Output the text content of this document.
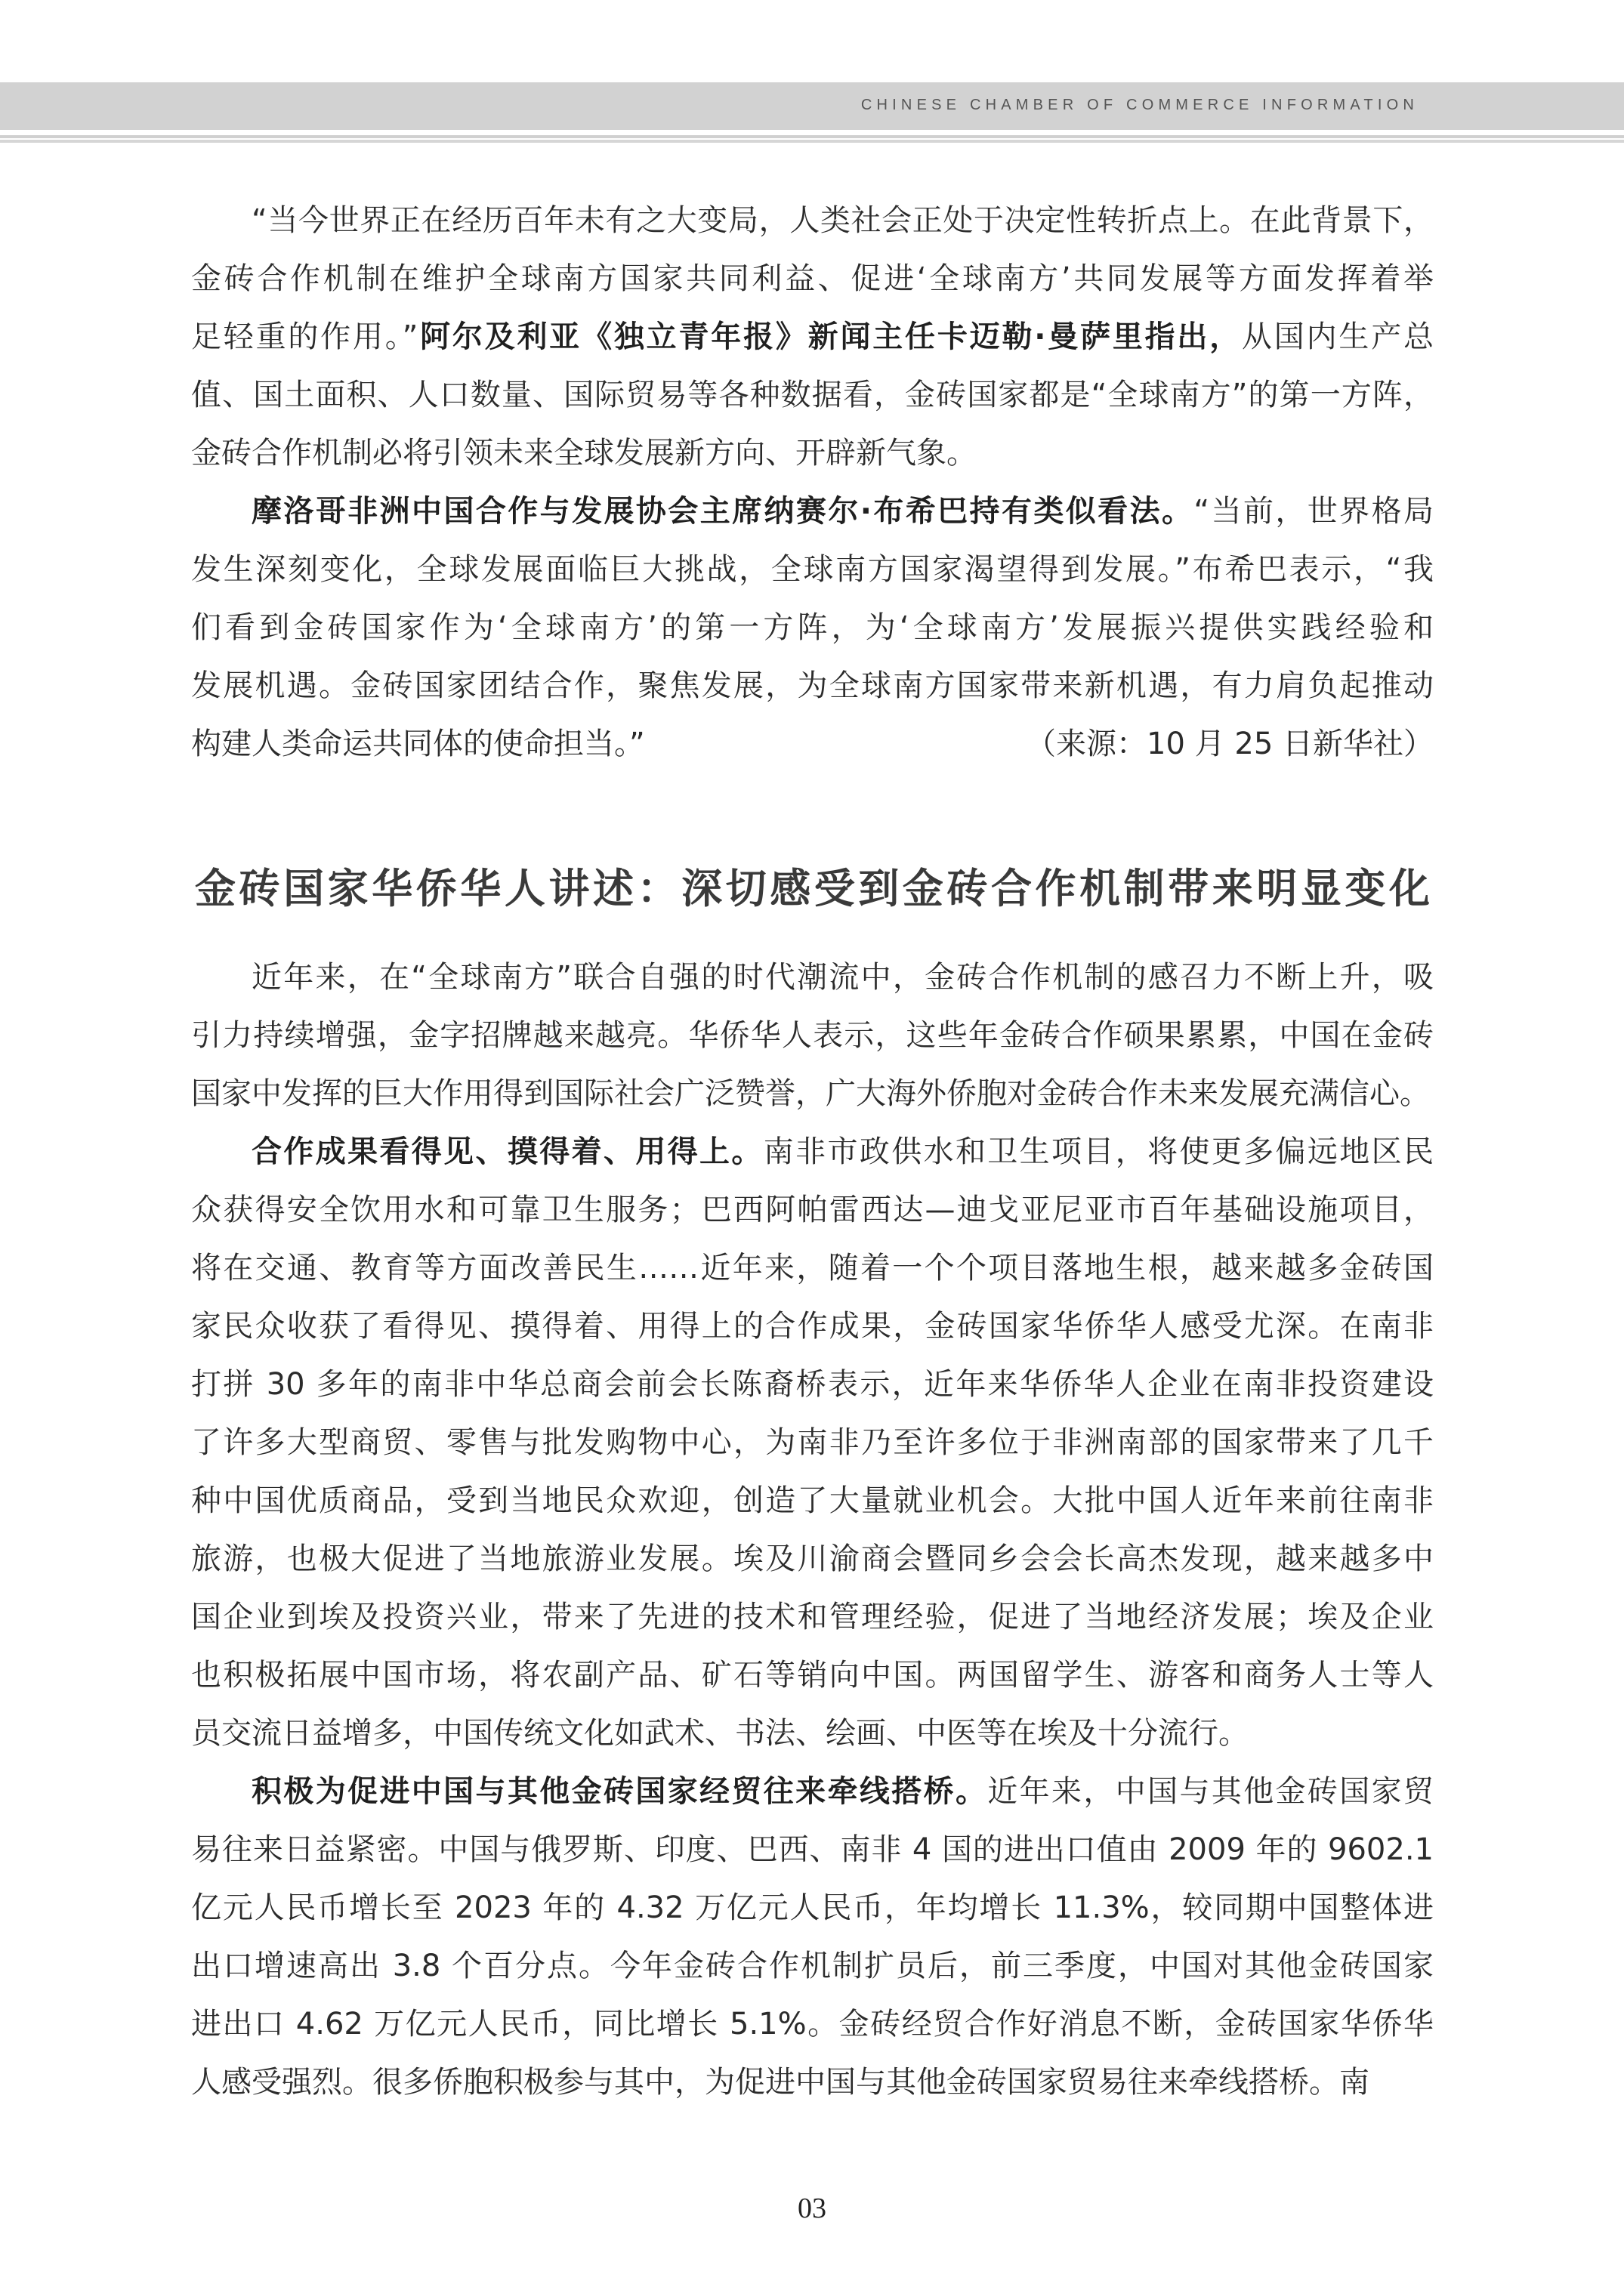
CHINESE CHAMBER OF COMMERCE INFORMATION
“当今世界正在经历百年未有之大变局，人类社会正处于决定性转折点上。在此背景下，
金砖合作机制在维护全球南方国家共同利益、促进‘全球南方’共同发展等方面发挥着举
足轻重的作用。”阿尔及利亚《独立青年报》新闻主任卡迈勒·曼萨里指出，从国内生产总
值、国土面积、人口数量、国际贸易等各种数据看，金砖国家都是“全球南方”的第一方阵，
金砖合作机制必将引领未来全球发展新方向、开辟新气象。
摩洛哥非洲中国合作与发展协会主席纳赛尔·布希巴持有类似看法。“当前，世界格局
发生深刻变化，全球发展面临巨大挑战，全球南方国家渴望得到发展。”布希巴表示，“我
们看到金砖国家作为‘全球南方’的第一方阵，为‘全球南方’发展振兴提供实践经验和
发展机遇。金砖国家团结合作，聚焦发展，为全球南方国家带来新机遇，有力肩负起推动
构建人类命运共同体的使命担当。”	（来源：10 月 25 日新华社）
金砖国家华侨华人讲述：深切感受到金砖合作机制带来明显变化
近年来，在“全球南方”联合自强的时代潮流中，金砖合作机制的感召力不断上升，吸
引力持续增强，金字招牌越来越亮。华侨华人表示，这些年金砖合作硕果累累，中国在金砖
国家中发挥的巨大作用得到国际社会广泛赞誉，广大海外侨胞对金砖合作未来发展充满信心。
合作成果看得见、摸得着、用得上。南非市政供水和卫生项目，将使更多偏远地区民
众获得安全饮用水和可靠卫生服务；巴西阿帕雷西达—迪戈亚尼亚市百年基础设施项目，
将在交通、教育等方面改善民生……近年来，随着一个个项目落地生根，越来越多金砖国
家民众收获了看得见、摸得着、用得上的合作成果，金砖国家华侨华人感受尤深。在南非
打拼 30 多年的南非中华总商会前会长陈裔桥表示，近年来华侨华人企业在南非投资建设
了许多大型商贸、零售与批发购物中心，为南非乃至许多位于非洲南部的国家带来了几千
种中国优质商品，受到当地民众欢迎，创造了大量就业机会。大批中国人近年来前往南非
旅游，也极大促进了当地旅游业发展。埃及川渝商会暨同乡会会长高杰发现，越来越多中
国企业到埃及投资兴业，带来了先进的技术和管理经验，促进了当地经济发展；埃及企业
也积极拓展中国市场，将农副产品、矿石等销向中国。两国留学生、游客和商务人士等人
员交流日益增多，中国传统文化如武术、书法、绘画、中医等在埃及十分流行。
积极为促进中国与其他金砖国家经贸往来牵线搭桥。近年来，中国与其他金砖国家贸
易往来日益紧密。中国与俄罗斯、印度、巴西、南非 4 国的进出口值由 2009 年的 9602.1
亿元人民币增长至 2023 年的 4.32 万亿元人民币，年均增长 11.3%，较同期中国整体进
出口增速高出 3.8 个百分点。今年金砖合作机制扩员后，前三季度，中国对其他金砖国家
进出口 4.62 万亿元人民币，同比增长 5.1%。金砖经贸合作好消息不断，金砖国家华侨华
人感受强烈。很多侨胞积极参与其中，为促进中国与其他金砖国家贸易往来牵线搭桥。南
03
